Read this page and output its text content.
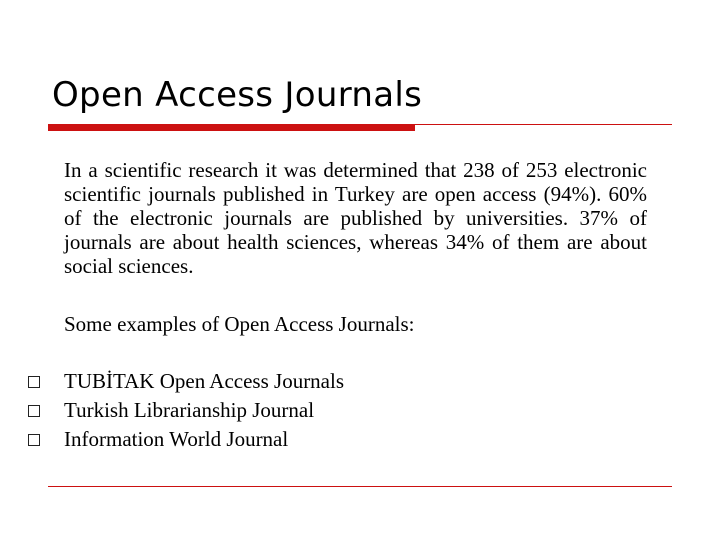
Open Access Journals

In a scientific research it was determined that 238 of 253 electronic scientific journals published in Turkey are open access (94%). 60% of the electronic journals are published by universities. 37% of journals are about health sciences, whereas 34% of them are about social sciences.

Some examples of Open Access Journals:

TUBİTAK Open Access Journals
Turkish Librarianship Journal
Information World Journal
